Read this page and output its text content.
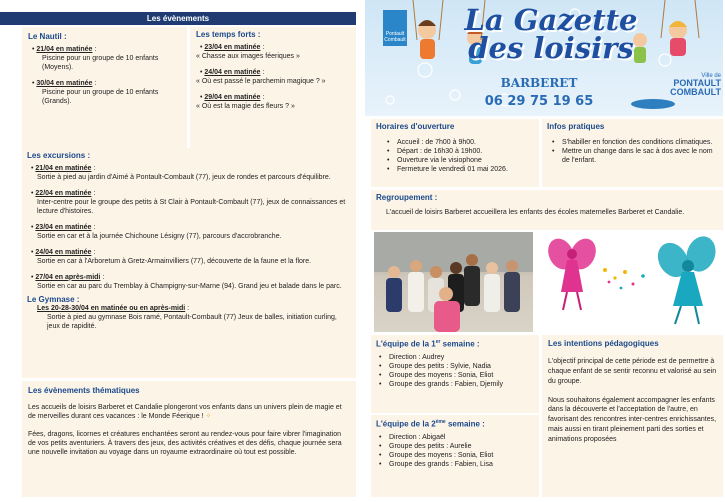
Les évènements
Le Nautil :
• 21/04 en matinée :
Piscine pour un groupe de 10 enfants (Moyens).
• 30/04 en matinée :
Piscine pour un groupe de 10 enfants (Grands).
Les temps forts :
• 23/04 en matinée :
« Chasse aux images féeriques »
• 24/04 en matinée :
« Où est passé le parchemin magique ? »
• 29/04 en matinée :
« Où est la magie des fleurs ? »
Les excursions :
• 21/04 en matinée :
Sortie à pied au jardin d'Aimé à Pontault-Combault (77), jeux de rondes et parcours d'équilibre.
• 22/04 en matinée :
Inter-centre pour le groupe des petits à St Clair à Pontault-Combault (77), jeux de connaissances et lecture d'histoires.
• 23/04 en matinée :
Sortie en car et à la journée Chichoune Lésigny (77), parcours d'accrobranche.
• 24/04 en matinée :
Sortie en car à l'Arboretum à Gretz-Armainvilliers (77), découverte de la faune et la flore.
• 27/04 en après-midi :
Sortie en car au parc du Tremblay à Champigny-sur-Marne (94). Grand jeu et balade dans le parc.
Le Gymnase :
Les 20-28-30/04 en matinée ou en après-midi :
Sortie à pied au gymnase Bois ramé, Pontault-Combault (77) Jeux de balles, initiation curling, jeux de rapidité.
Les évènements thématiques

Les accueils de loisirs Barberet et Candalie plongeront vos enfants dans un univers plein de magie et de merveilles durant ces vacances : le Monde Féerique ! ✧

Fées, dragons, licornes et créatures enchantées seront au rendez-vous pour faire vibrer l'imagination de vos petits aventuriers. À travers des jeux, des activités créatives et des défis, chaque journée sera une nouvelle invitation au voyage dans un royaume extraordinaire où tout est possible.

Pontault Combault
La Gazette
des loisirs
BARBERET
06 29 75 19 65
Ville de
PONTAULT
COMBAULT
Horaires d'ouverture
• Accueil : de 7h00 à 9h00.
• Départ : de 16h30 à 19h00.
• Ouverture via le visiophone
• Fermeture le vendredi 01 mai 2026.
Infos pratiques
• S'habiller en fonction des conditions climatiques.
• Mettre un change dans le sac à dos avec le nom de l'enfant.
Regroupement :

L'accueil de loisirs Barberet accueillera les enfants des écoles maternelles Barberet et Candalie.

L'équipe de la 1er semaine :
• Direction : Audrey
• Groupe des petits : Sylvie, Nadia
• Groupe des moyens : Sonia, Eliot
• Groupe des grands : Fabien, Djemily
L'équipe de la 2ème semaine :
• Direction : Abigaël
• Groupe des petits : Aurelie
• Groupe des moyens : Sonia, Eliot
• Groupe des grands : Fabien, Lisa
Les intentions pédagogiques

L'objectif principal de cette période est de permettre à chaque enfant de se sentir reconnu et valorisé au sein du groupe.

Nous souhaitons également accompagner les enfants dans la découverte et l'acceptation de l'autre, en favorisant des rencontres inter-centres enrichissantes, mais aussi en tirant pleinement parti des sorties et animations proposées
